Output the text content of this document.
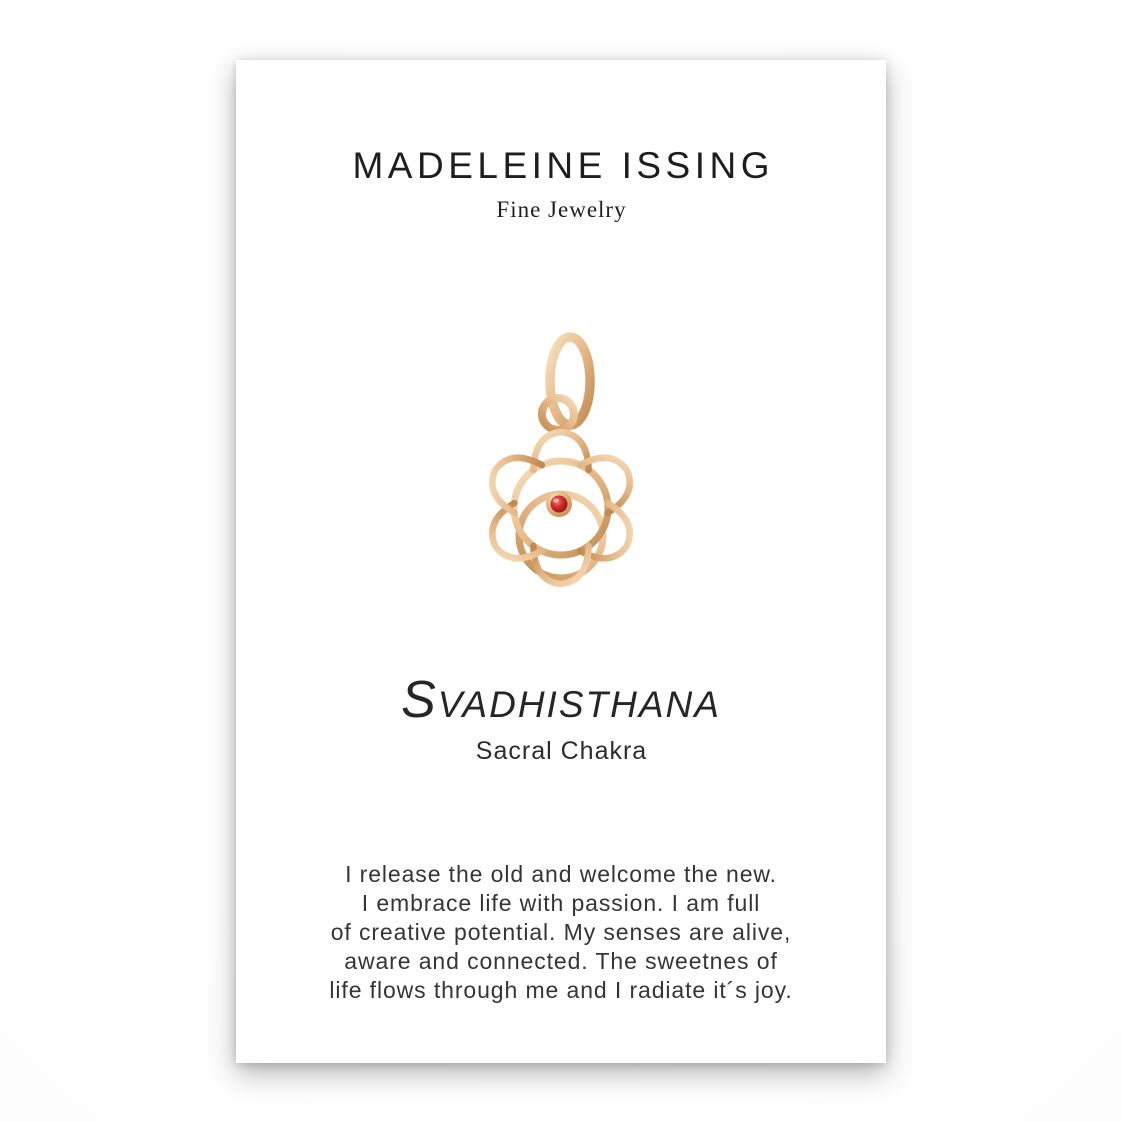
MADELEINE ISSING
Fine Jewelry
SVADHISTHANA
Sacral Chakra
I release the old and welcome the new.
I embrace life with passion. I am full
of creative potential. My senses are alive,
aware and connected. The sweetnes of
life flows through me and I radiate it´s joy.
